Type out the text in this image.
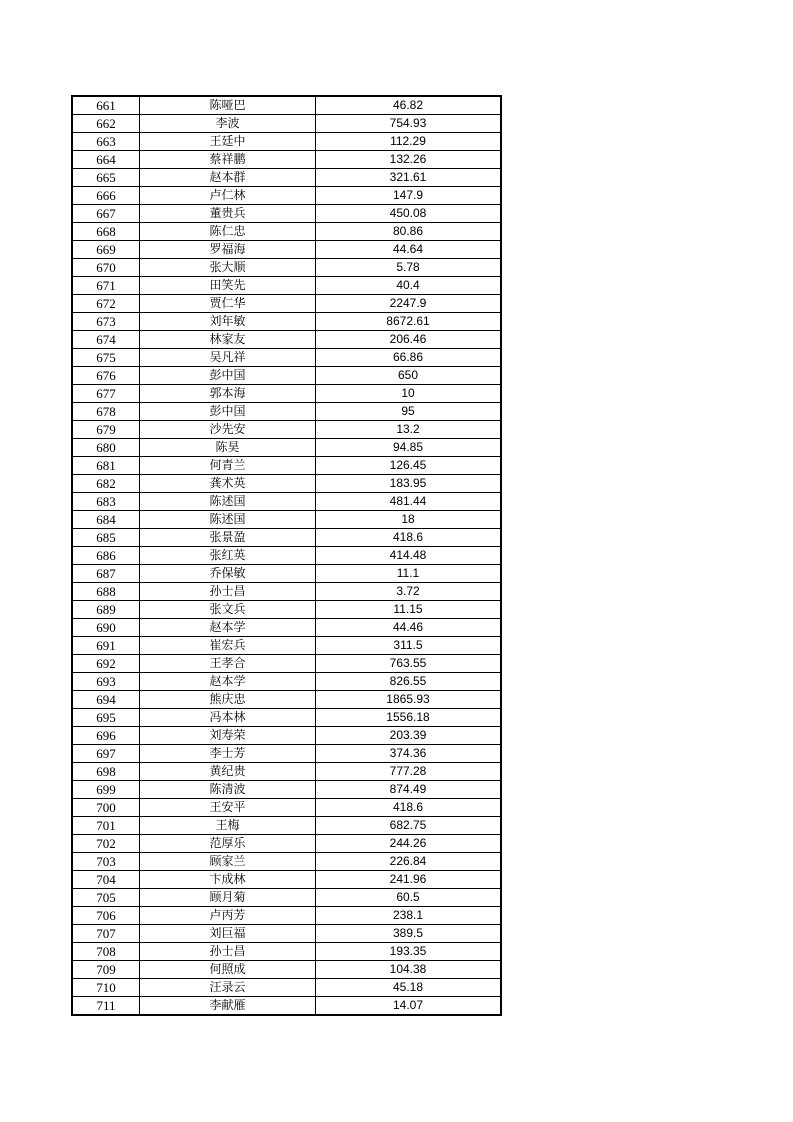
661	陈哑巴	46.82
662	李波	754.93
663	王廷中	112.29
664	蔡祥鹏	132.26
665	赵本群	321.61
666	卢仁林	147.9
667	董贵兵	450.08
668	陈仁忠	80.86
669	罗福海	44.64
670	张大顺	5.78
671	田笑先	40.4
672	贾仁华	2247.9
673	刘年敏	8672.61
674	林家友	206.46
675	吴凡祥	66.86
676	彭中国	650
677	郭本海	10
678	彭中国	95
679	沙先安	13.2
680	陈昊	94.85
681	何青兰	126.45
682	龚术英	183.95
683	陈述国	481.44
684	陈述国	18
685	张景盈	418.6
686	张红英	414.48
687	乔保敏	11.1
688	孙士昌	3.72
689	张文兵	11.15
690	赵本学	44.46
691	崔宏兵	311.5
692	王孝合	763.55
693	赵本学	826.55
694	熊庆忠	1865.93
695	冯本林	1556.18
696	刘寿荣	203.39
697	李士芳	374.36
698	黄纪贵	777.28
699	陈清波	874.49
700	王安平	418.6
701	王梅	682.75
702	范厚乐	244.26
703	顾家兰	226.84
704	卞成林	241.96
705	顾月菊	60.5
706	卢丙芳	238.1
707	刘巨福	389.5
708	孙士昌	193.35
709	何照成	104.38
710	汪录云	45.18
711	李献雁	14.07
